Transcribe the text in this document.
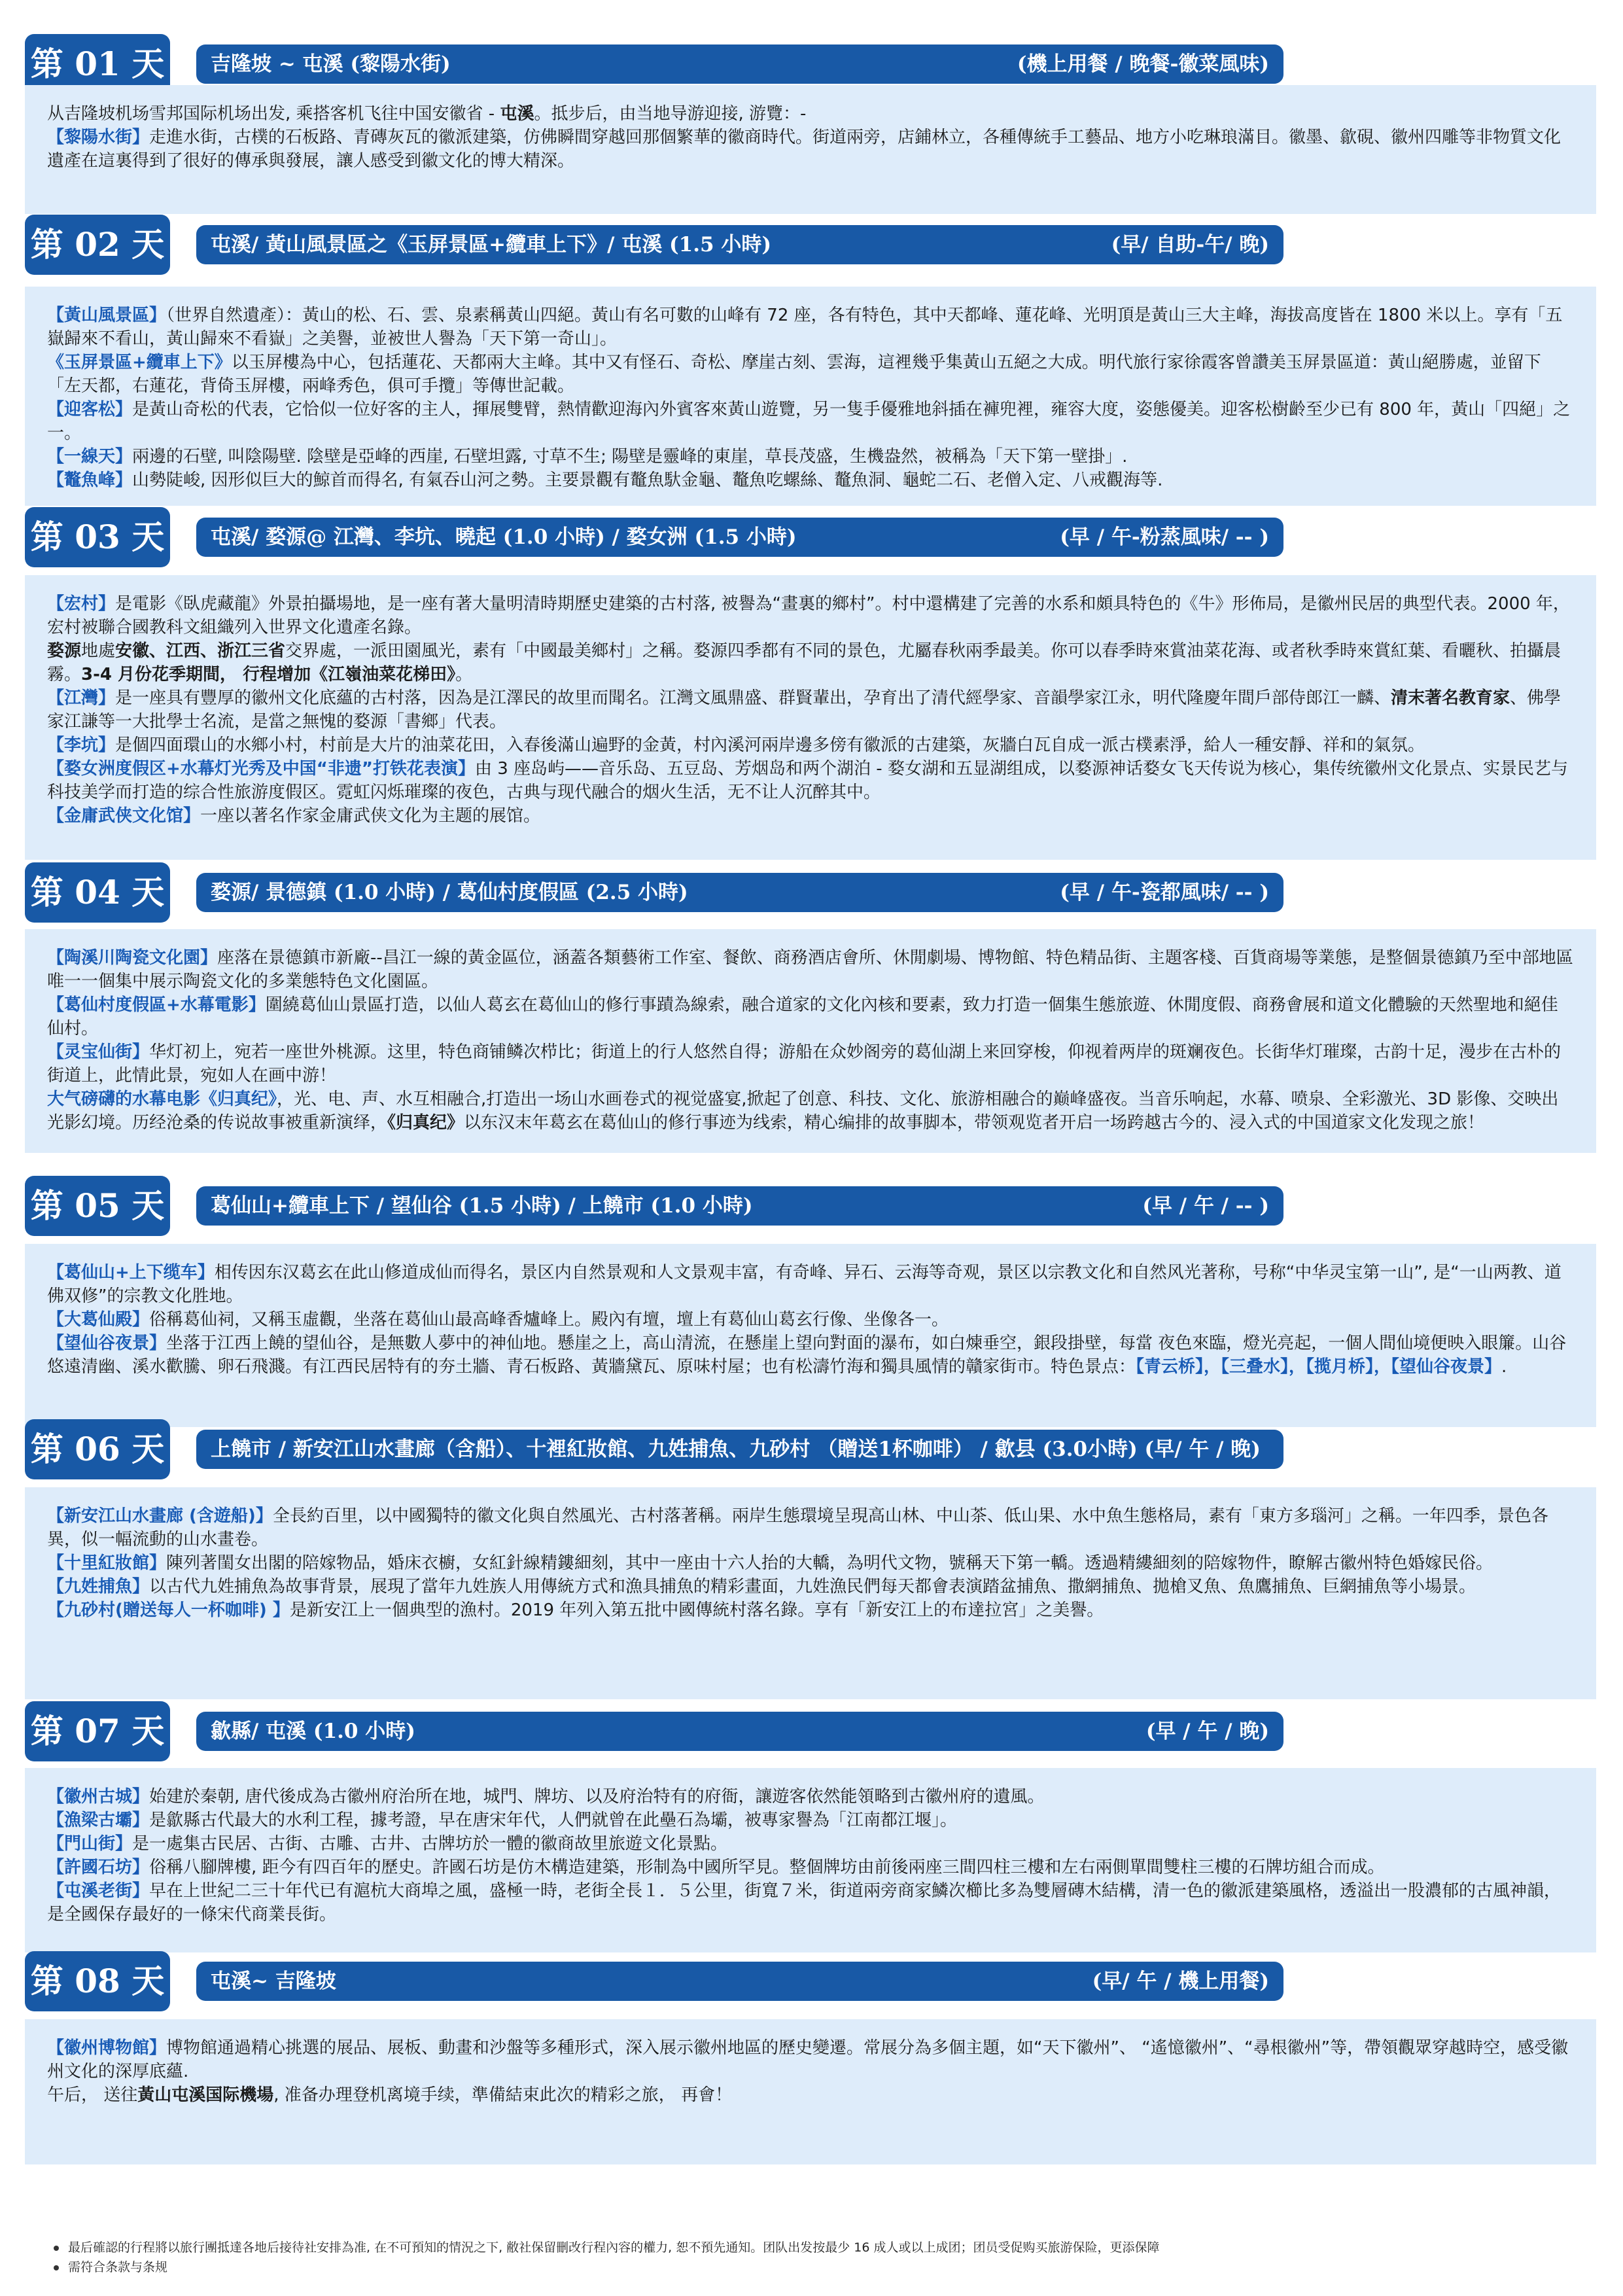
第 01 天 吉隆坡 ~ 屯溪 (黎陽水街)	(機上用餐 / 晚餐-徽菜風味)

从吉隆坡机场雪邦国际机场出发, 乘搭客机飞往中国安徽省 - 屯溪。抵步后，由当地导游迎接, 游覽：-

【黎陽水街】走進水街，古樸的石板路、青磚灰瓦的徽派建築，仿佛瞬間穿越回那個繁華的徽商時代。街道兩旁，店鋪林立，各種傳統手工藝品、地方小吃琳琅滿目。徽墨、歙硯、徽州四雕等非物質文化遺產在這裏得到了很好的傳承與發展，讓人感受到徽文化的博大精深。

第 02 天 屯溪/ 黃山風景區之《玉屏景區+纜車上下》/ 屯溪 (1.5 小時)	(早/ 自助-午/ 晚)

【黃山風景區】（世界自然遺產）：黃山的松、石、雲、泉素稱黃山四絕。黃山有名可數的山峰有 72 座，各有特色，其中天都峰、蓮花峰、光明頂是黃山三大主峰，海拔高度皆在 1800 米以上。享有「五嶽歸來不看山，黃山歸來不看嶽」之美譽，並被世人譽為「天下第一奇山」。

《玉屏景區+纜車上下》以玉屏樓為中心，包括蓮花、天都兩大主峰。其中又有怪石、奇松、摩崖古刻、雲海，這裡幾乎集黃山五絕之大成。明代旅行家徐霞客曾讚美玉屏景區道：黃山絕勝處，並留下「左天都，右蓮花，背倚玉屏樓，兩峰秀色，俱可手攬」等傳世記載。

【迎客松】是黃山奇松的代表，它恰似一位好客的主人，揮展雙臂，熱情歡迎海內外賓客來黃山遊覽，另一隻手優雅地斜插在褲兜裡，雍容大度，姿態優美。迎客松樹齡至少已有 800 年，黃山「四絕」之一。

【一線天】兩邊的石壁, 叫陰陽壁. 陰壁是亞峰的西崖, 石壁坦露, 寸草不生; 陽壁是靈峰的東崖，草長茂盛，生機盎然，被稱為「天下第一壁掛」.

【鼇魚峰】山勢陡峻, 因形似巨大的鯨首而得名, 有氣吞山河之勢。主要景觀有鼇魚馱金龜、鼇魚吃螺絲、鼇魚洞、龜蛇二石、老僧入定、八戒觀海等.

第 03 天 屯溪/ 婺源@ 江灣、李坑、曉起 (1.0 小時) / 婺女洲 (1.5 小時)	(早 / 午-粉蒸風味/ -- )

【宏村】是電影《臥虎藏龍》外景拍攝場地，是一座有著大量明清時期歷史建築的古村落, 被譽為“畫裏的鄉村”。村中還構建了完善的水系和頗具特色的《牛》形佈局，是徽州民居的典型代表。2000 年，宏村被聯合國教科文組織列入世界文化遺產名錄。

婺源地處安徽、江西、浙江三省交界處，一派田園風光，素有「中國最美鄉村」之稱。婺源四季都有不同的景色，尤屬春秋兩季最美。你可以春季時來賞油菜花海、或者秋季時來賞紅葉、看曬秋、拍攝晨霧。3-4 月份花季期間， 行程增加《江嶺油菜花梯田》。

【江灣】是一座具有豐厚的徽州文化底蘊的古村落，因為是江澤民的故里而聞名。江灣文風鼎盛、群賢輩出，孕育出了清代經學家、音韻學家江永，明代隆慶年間戶部侍郎江一麟、清末著名教育家、佛學家江謙等一大批學士名流，是當之無愧的婺源「書鄉」代表。

【李坑】是個四面環山的水鄉小村，村前是大片的油菜花田，入春後滿山遍野的金黃，村內溪河兩岸邊多傍有徽派的古建築，灰牆白瓦自成一派古樸素淨，給人一種安靜、祥和的氣氛。

【婺女洲度假区+水幕灯光秀及中国“非遗”打铁花表演】由 3 座岛屿——音乐岛、五豆岛、芳烟岛和两个湖泊 - 婺女湖和五显湖组成，以婺源神话婺女飞天传说为核心，集传统徽州文化景点、实景民艺与科技美学而打造的综合性旅游度假区。霓虹闪烁璀璨的夜色，古典与现代融合的烟火生活，无不让人沉醉其中。

【金庸武侠文化馆】一座以著名作家金庸武侠文化为主题的展馆。

第 04 天 婺源/ 景德鎮 (1.0 小時) / 葛仙村度假區 (2.5 小時)	(早 / 午-瓷都風味/ -- )

【陶溪川陶瓷文化園】座落在景德鎮市新廠--昌江一線的黃金區位，涵蓋各類藝術工作室、餐飲、商務酒店會所、休閒劇場、博物館、特色精品街、主題客棧、百貨商場等業態，是整個景德鎮乃至中部地區唯一一個集中展示陶瓷文化的多業態特色文化園區。

【葛仙村度假區+水幕電影】圍繞葛仙山景區打造，以仙人葛玄在葛仙山的修行事蹟為線索，融合道家的文化內核和要素，致力打造一個集生態旅遊、休閒度假、商務會展和道文化體驗的天然聖地和絕佳仙村。

【灵宝仙街】华灯初上，宛若一座世外桃源。这里，特色商铺鳞次栉比；街道上的行人悠然自得；游船在众妙阁旁的葛仙湖上来回穿梭，仰视着两岸的斑斓夜色。长街华灯璀璨，古韵十足，漫步在古朴的街道上，此情此景，宛如人在画中游！

大气磅礴的水幕电影《归真纪》，光、电、声、水互相融合,打造出一场山水画卷式的视觉盛宴,掀起了创意、科技、文化、旅游相融合的巅峰盛夜。当音乐响起，水幕、喷泉、全彩激光、3D 影像、交映出光影幻境。历经沧桑的传说故事被重新演绎，《归真纪》以东汉末年葛玄在葛仙山的修行事迹为线索，精心编排的故事脚本，带领观览者开启一场跨越古今的、浸入式的中国道家文化发现之旅！

第 05 天 葛仙山+纜車上下 / 望仙谷 (1.5 小時) / 上饒市 (1.0 小時)	(早 / 午 / -- )

【葛仙山+上下缆车】相传因东汉葛玄在此山修道成仙而得名，景区内自然景观和人文景观丰富，有奇峰、异石、云海等奇观，景区以宗教文化和自然风光著称，号称“中华灵宝第一山”, 是“一山两教、道佛双修”的宗教文化胜地。

【大葛仙殿】俗稱葛仙祠，又稱玉虛觀，坐落在葛仙山最高峰香爐峰上。殿內有壇，壇上有葛仙山葛玄行像、坐像各一。

【望仙谷夜景】坐落于江西上饒的望仙谷，是無數人夢中的神仙地。懸崖之上，高山清流，在懸崖上望向對面的瀑布，如白煉垂空，銀段掛壁，每當 夜色來臨，燈光亮起，一個人間仙境便映入眼簾。山谷悠遠清幽、溪水歡騰、卵石飛濺。有江西民居特有的夯土牆、青石板路、黃牆黛瓦、原味村屋；也有松濤竹海和獨具風情的贛家街市。特色景点：【青云桥】，【三叠水】，【揽月桥】，【望仙谷夜景】.

第 06 天 上饒市 / 新安江山水畫廊（含船）、十裡紅妝館、九姓捕魚、九砂村 （贈送1杯咖啡） / 歙县 (3.0小時) (早/ 午 / 晚)

【新安江山水畫廊 (含遊船)】全長約百里，以中國獨特的徽文化與自然風光、古村落著稱。兩岸生態環境呈現高山林、中山茶、低山果、水中魚生態格局，素有「東方多瑙河」之稱。一年四季，景色各異，似一幅流動的山水畫卷。

【十里紅妝館】陳列著閨女出閣的陪嫁物品，婚床衣櫥，女紅針線精鏤細刻，其中一座由十六人抬的大轎，為明代文物，號稱天下第一轎。透過精縷細刻的陪嫁物件，瞭解古徽州特色婚嫁民俗。

【九姓捕魚】以古代九姓捕魚為故事背景，展現了當年九姓族人用傳統方式和漁具捕魚的精彩畫面，九姓漁民們每天都會表演踏盆捕魚、撒網捕魚、拋槍叉魚、魚鷹捕魚、巨網捕魚等小場景。

【九砂村(贈送每人一杯咖啡) 】是新安江上一個典型的漁村。2019 年列入第五批中國傳統村落名錄。享有「新安江上的布達拉宮」之美譽。

第 07 天 歙縣/ 屯溪 (1.0 小時)	(早 / 午 / 晚)

【徽州古城】始建於秦朝, 唐代後成為古徽州府治所在地，城門、牌坊、以及府治特有的府衙，讓遊客依然能領略到古徽州府的遺風。

【漁梁古壩】是歙縣古代最大的水利工程，據考證，早在唐宋年代，人們就曾在此壘石為壩，被專家譽為「江南都江堰」。

【門山街】是一處集古民居、古街、古雕、古井、古牌坊於一體的徽商故里旅遊文化景點。

【許國石坊】俗稱八腳牌樓, 距今有四百年的歷史。許國石坊是仿木構造建築，形制為中國所罕見。整個牌坊由前後兩座三間四柱三樓和左右兩側單間雙柱三樓的石牌坊組合而成。

【屯溪老街】早在上世紀二三十年代已有滬杭大商埠之風，盛極一時，老街全長１．５公里，街寬７米，街道兩旁商家鱗次櫛比多為雙層磚木結構，清一色的徽派建築風格，透溢出一股濃郁的古風神韻，是全國保存最好的一條宋代商業長街。

第 08 天 屯溪~ 吉隆坡	(早/ 午 / 機上用餐)

【徽州博物館】博物館通過精心挑選的展品、展板、動畫和沙盤等多種形式，深入展示徽州地區的歷史變遷。常展分為多個主題，如“天下徽州”、 “遙憶徽州”、“尋根徽州”等，帶領觀眾穿越時空，感受徽州文化的深厚底蘊.

午后， 送往黃山屯溪国际機場, 准备办理登机离境手续，準備結束此次的精彩之旅， 再會！

最后確認的行程將以旅行團抵達各地后接待社安排為准, 在不可預知的情況之下, 敝社保留刪改行程內容的權力, 恕不預先通知。团队出发按最少 16 成人或以上成团；团员受促购买旅游保险，更添保障
需符合条款与条规
